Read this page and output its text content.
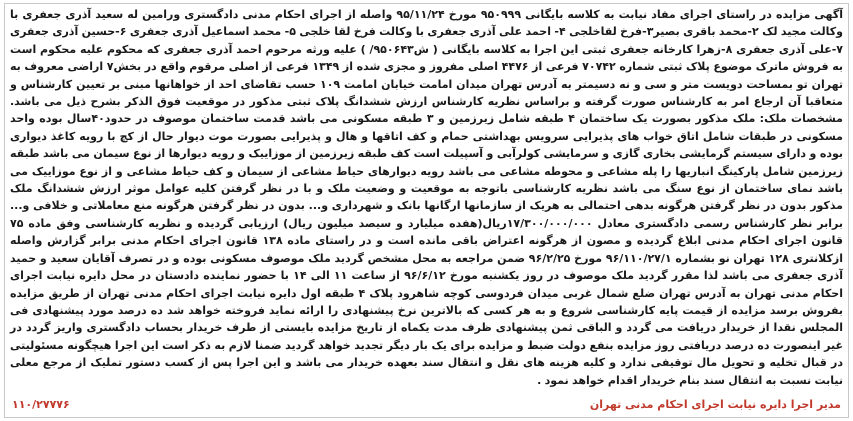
آگهی مزایده در راستای اجرای مفاد نیابت به کلاسه بایگانی ۹۵۰۹۹۹ مورخ ۹۵/۱۱/۲۴ واصله از اجرای احکام مدنی دادگستری ورامین له سعید آذری جعفری با وکالت مجید لک ۲-محمد باقری بصیر۳-فرخ لقاخلجی ۴- احمد علی آذری جعفری با وکالت فرخ لقا خلجی ۵- محمد اسماعیل آذری جعفری ۶-حسین آذری جعفری ۷-علی آذری جعفری ۸-زهرا کارخانه جعفری ثبتی این اجرا به کلاسه بایگانی ( ش۹۵۰۶۴۳/ ) علیه ورثه مرحوم احمد آذری جعفری که محکوم علیه محکوم است به فروش ماترک موضوع پلاک ثبتی شماره ۷۰۷۴۲ فرعی از ۴۴۷۶ اصلی مفروز و مجزی شده از ۱۳۴۹ فرعی از اصلی مرقوم واقع در بخش۷ اراضی معروف به تهران تو بمساحت دویست متر و سی و نه دسیمتر به آدرس تهران میدان امامت خیابان امامت ۱۰۹ حسب تقاضای احد از خواهانها مبنی بر تعیین کارشناس و متعاقبا آن ارجاع امر به کارشناس صورت گرفته و براساس نظریه کارشناس ارزش ششدانگ پلاک ثبتی مذکور در موقعیت فوق الذکر بشرح ذیل می باشد. مشخصات ملک: ملک مذکور بصورت یک ساختمان ۴ طبقه شامل زیرزمین و ۳ طبقه مسکونی می باشد قدمت ساختمان موصوف در حدود۴۰سال بوده واحد مسکونی در طبقات شامل اتاق خواب های پذیرایی سرویس بهداشتی حمام و کف اتاقها و هال و پذیرایی بصورت موت دیوار حال از کچ با رویه کاغذ دیواری بوده و دارای سیستم گرمایشی بخاری گازی و سرمایشی کولرآبی و آسپیلت است کف طبقه زیرزمین از موزاییک و رویه دیوارها از نوع سیمان می باشد طبقه زیرزمین شامل پارکینگ انباریها را پله مشاعی و محوطه مشاعی می باشد رویه دیوارهای حیاط مشاعی از سیمان و کف حیاط مشاعی و از نوع موزاییک می باشد نمای ساختمان از نوع سنگ می باشد نظریه کارشناسی باتوجه به موقعیت و وضعیت ملک و با در نظر گرفتن کلیه عوامل موثر ارزش ششدانگ ملک مذکور بدون در نظر گرفتن هرگونه بدهی احتمالی به هریک از سازمانها ارگانها بانک و شهرداری و... بدون در نظر گرفتن هرگونه منع معاملاتی و خلافی و... برابر نظر کارشناس رسمی دادگستری معادل ۱۷/۳۰۰/۰۰۰/۰۰۰ریال(هفده میلیارد و سیصد میلیون ریال) ارزیابی گردیده و نظریه کارشناسی وفق ماده ۷۵ قانون اجرای احکام مدنی ابلاغ گردیده و مصون از هرگونه اعتراض باقی مانده است و در راستای ماده ۱۳۸ قانون اجرای احکام مدنی برابر گزارش واصله ازکلانتری ۱۲۸ تهران نو بشماره ۹۶/۱۱۰/۲۷/۱ مورخ ۹۶/۲/۲۵ ضمن مراجعه به محل مشخص گردید ملک موصوف مسکونی بوده و در تصرف آقایان سعید و حمید آذری جعفری می باشد لذا مقرر گردید ملک موصوف در روز یکشنبه مورخ ۹۶/۶/۱۲ از ساعت ۱۱ الی ۱۴ با حضور نماینده دادستان در محل دایره نیابت اجرای احکام مدنی تهران به آدرس تهران ضلع شمال غربی میدان فردوسی کوچه شاهرود پلاک ۴ طبقه اول دایره نیابت اجرای احکام مدنی تهران از طریق مزایده بفروش برسد مزایده از قیمت پایه کارشناسی شروع و به هر کسی که بالاترین نرخ پیشنهادی را ارائه نماید فروخته خواهد شد ده درصد مورد پیشنهادی فی المجلس نقدا از خریدار دریافت می گردد و الباقی ثمن پیشنهادی ظرف مدت یکماه از تاریخ مزایده بایستی از طرف خریدار بحساب دادگستری واریز گردد در غیر اینصورت ده درصد دریافتی روز مزایده بنفع دولت ضبط و مزایده برای یک بار دیگر تجدید خواهد گردید ضمنا لازم به ذکر است این اجرا هیچگونه مسئولیتی در قبال تخلیه و تحویل مال توقیفی ندارد و کلیه هزینه های نقل و انتقال سند بعهده خریدار می باشد و این اجرا پس از کسب دستور تملیک از مرجع معلی نیابت نسبت به انتقال سند بنام خریدار اقدام خواهد نمود .
مدیر اجرا دایره نیابت اجرای احکام مدنی تهران
۱۱۰/۲۷۷۷۶
